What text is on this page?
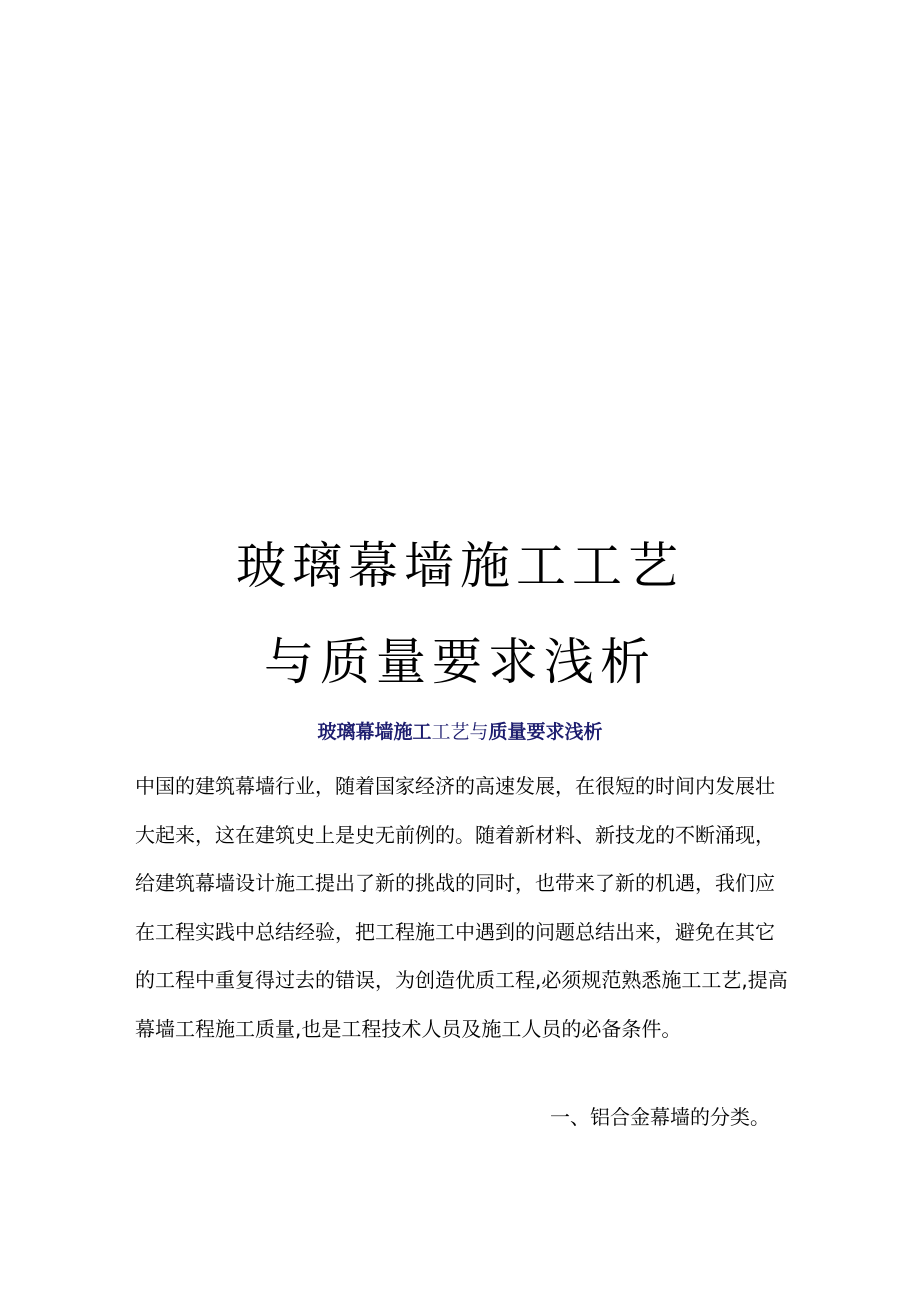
玻璃幕墙施工工艺
与质量要求浅析
玻璃幕墙施工工艺与质量要求浅析
中国的建筑幕墙行业，随着国家经济的高速发展，在很短的时间内发展壮
大起来，这在建筑史上是史无前例的。随着新材料、新技龙的不断涌现，
给建筑幕墙设计施工提出了新的挑战的同时，也带来了新的机遇，我们应
在工程实践中总结经验，把工程施工中遇到的问题总结出来，避免在其它
的工程中重复得过去的错误，为创造优质工程,必须规范熟悉施工工艺,提高
幕墙工程施工质量,也是工程技术人员及施工人员的必备条件。
一、铝合金幕墙的分类。
